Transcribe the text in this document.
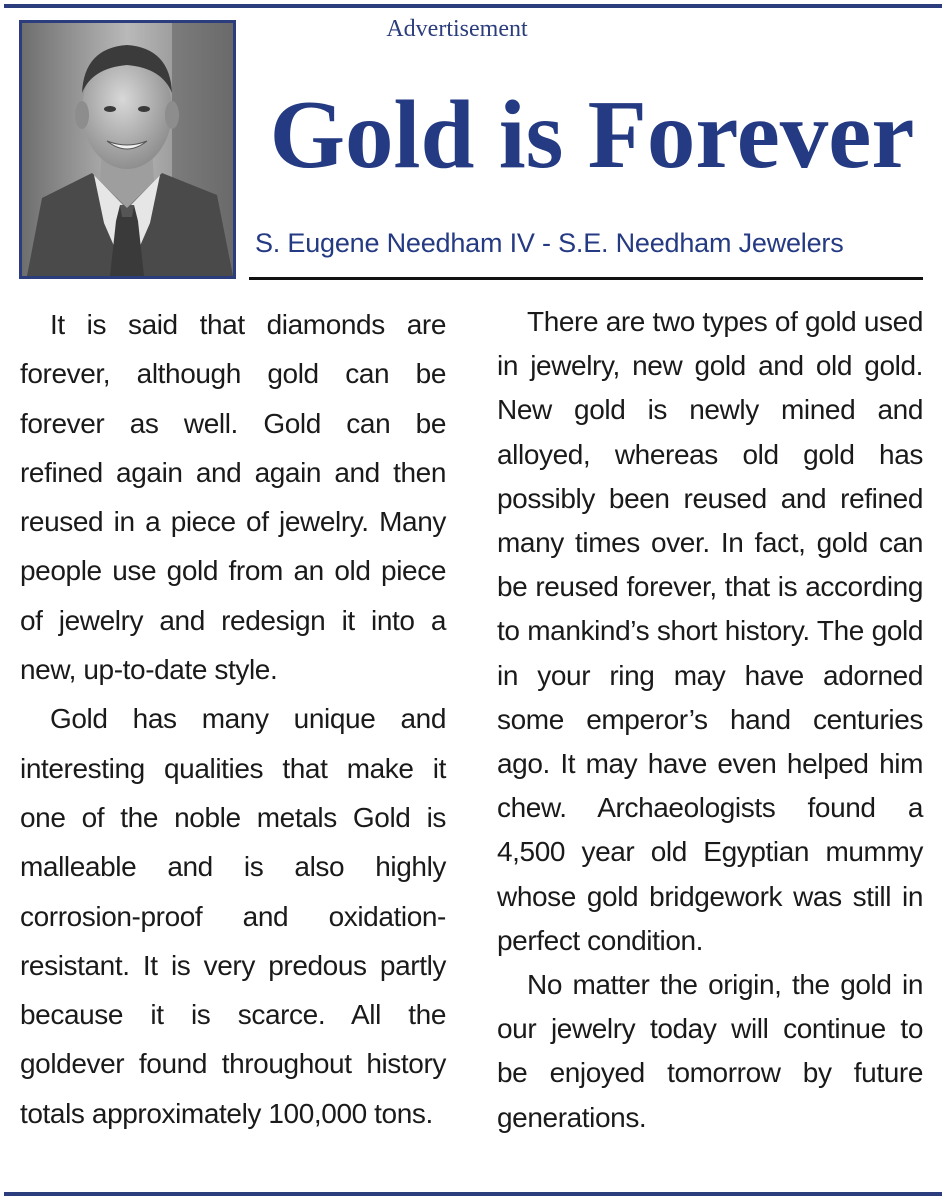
Advertisement
Gold is Forever
S. Eugene Needham IV - S.E. Needham Jewelers

It is said that diamonds are forever, although gold can be forever as well. Gold can be refined again and again and then reused in a piece of jewelry. Many people use gold from an old piece of jewelry and redesign it into a new, up-to-date style.

Gold has many unique and interesting qualities that make it one of the noble metals Gold is malleable and is also highly corrosion-proof and oxidation-resistant. It is very predous partly because it is scarce. All the goldever found throughout history totals approximately 100,000 tons.

There are two types of gold used in jewelry, new gold and old gold. New gold is newly mined and alloyed, whereas old gold has possibly been reused and refined many times over. In fact, gold can be reused forever, that is according to mankind’s short history. The gold in your ring may have adorned some emperor’s hand centuries ago. It may have even helped him chew. Archaeologists found a 4,500 year old Egyptian mummy whose gold bridgework was still in perfect condition.

No matter the origin, the gold in our jewelry today will continue to be enjoyed tomorrow by future generations.
